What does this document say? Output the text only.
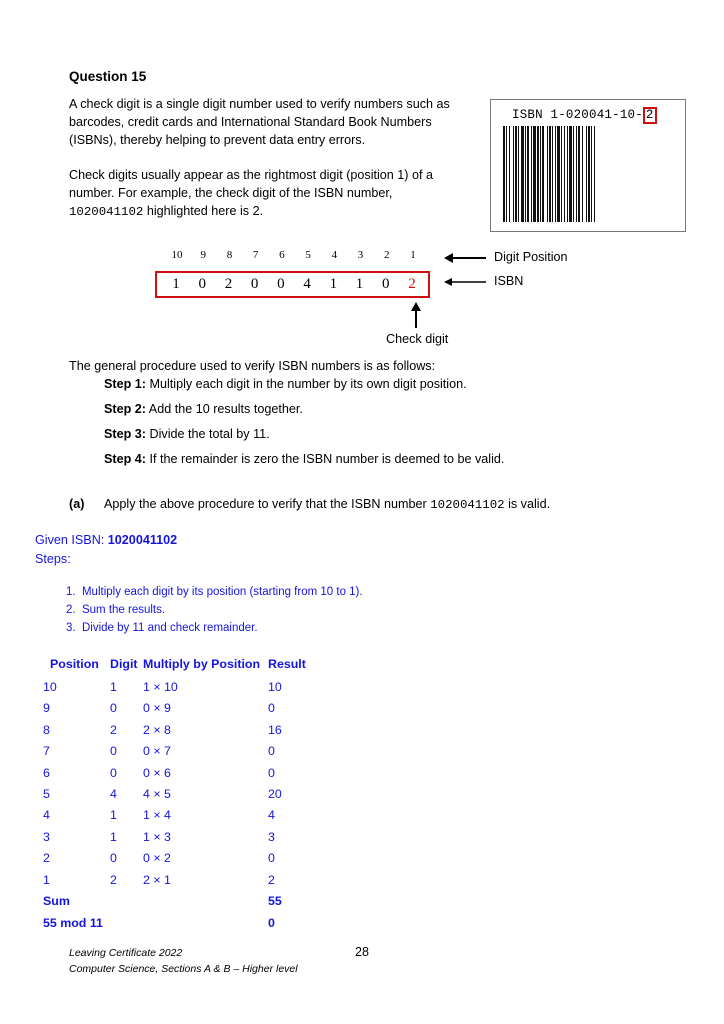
Question 15
A check digit is a single digit number used to verify numbers such as
barcodes, credit cards and International Standard Book Numbers
(ISBNs), thereby helping to prevent data entry errors.
Check digits usually appear as the rightmost digit (position 1) of a
number. For example, the check digit of the ISBN number,
1020041102 highlighted here is 2.
ISBN 1-020041-10- 2
10	9	8	7	6	5	4	3	2	1
1	0	2	0	0	4	1	1	0	2
Digit Position
ISBN
Check digit
The general procedure used to verify ISBN numbers is as follows:
Step 1: Multiply each digit in the number by its own digit position.
Step 2: Add the 10 results together.
Step 3: Divide the total by 11.
Step 4: If the remainder is zero the ISBN number is deemed to be valid.
(a) Apply the above procedure to verify that the ISBN number 1020041102 is valid.
Given ISBN: 1020041102
Steps:
1.  Multiply each digit by its position (starting from 10 to 1).
2.  Sum the results.
3.  Divide by 11 and check remainder.
Position Digit Multiply by Position Result
10	1 1 × 10	10
9	0 0 × 9	0
8	2 2 × 8	16
7	0 0 × 7	0
6	0 0 × 6	0
5	4 4 × 5	20
4	1 1 × 4	4
3	1 1 × 3	3
2	0 0 × 2	0
1	2 2 × 1	2
Sum	55
55 mod 11	0
Leaving Certificate 2022
Computer Science, Sections A & B – Higher level
28
